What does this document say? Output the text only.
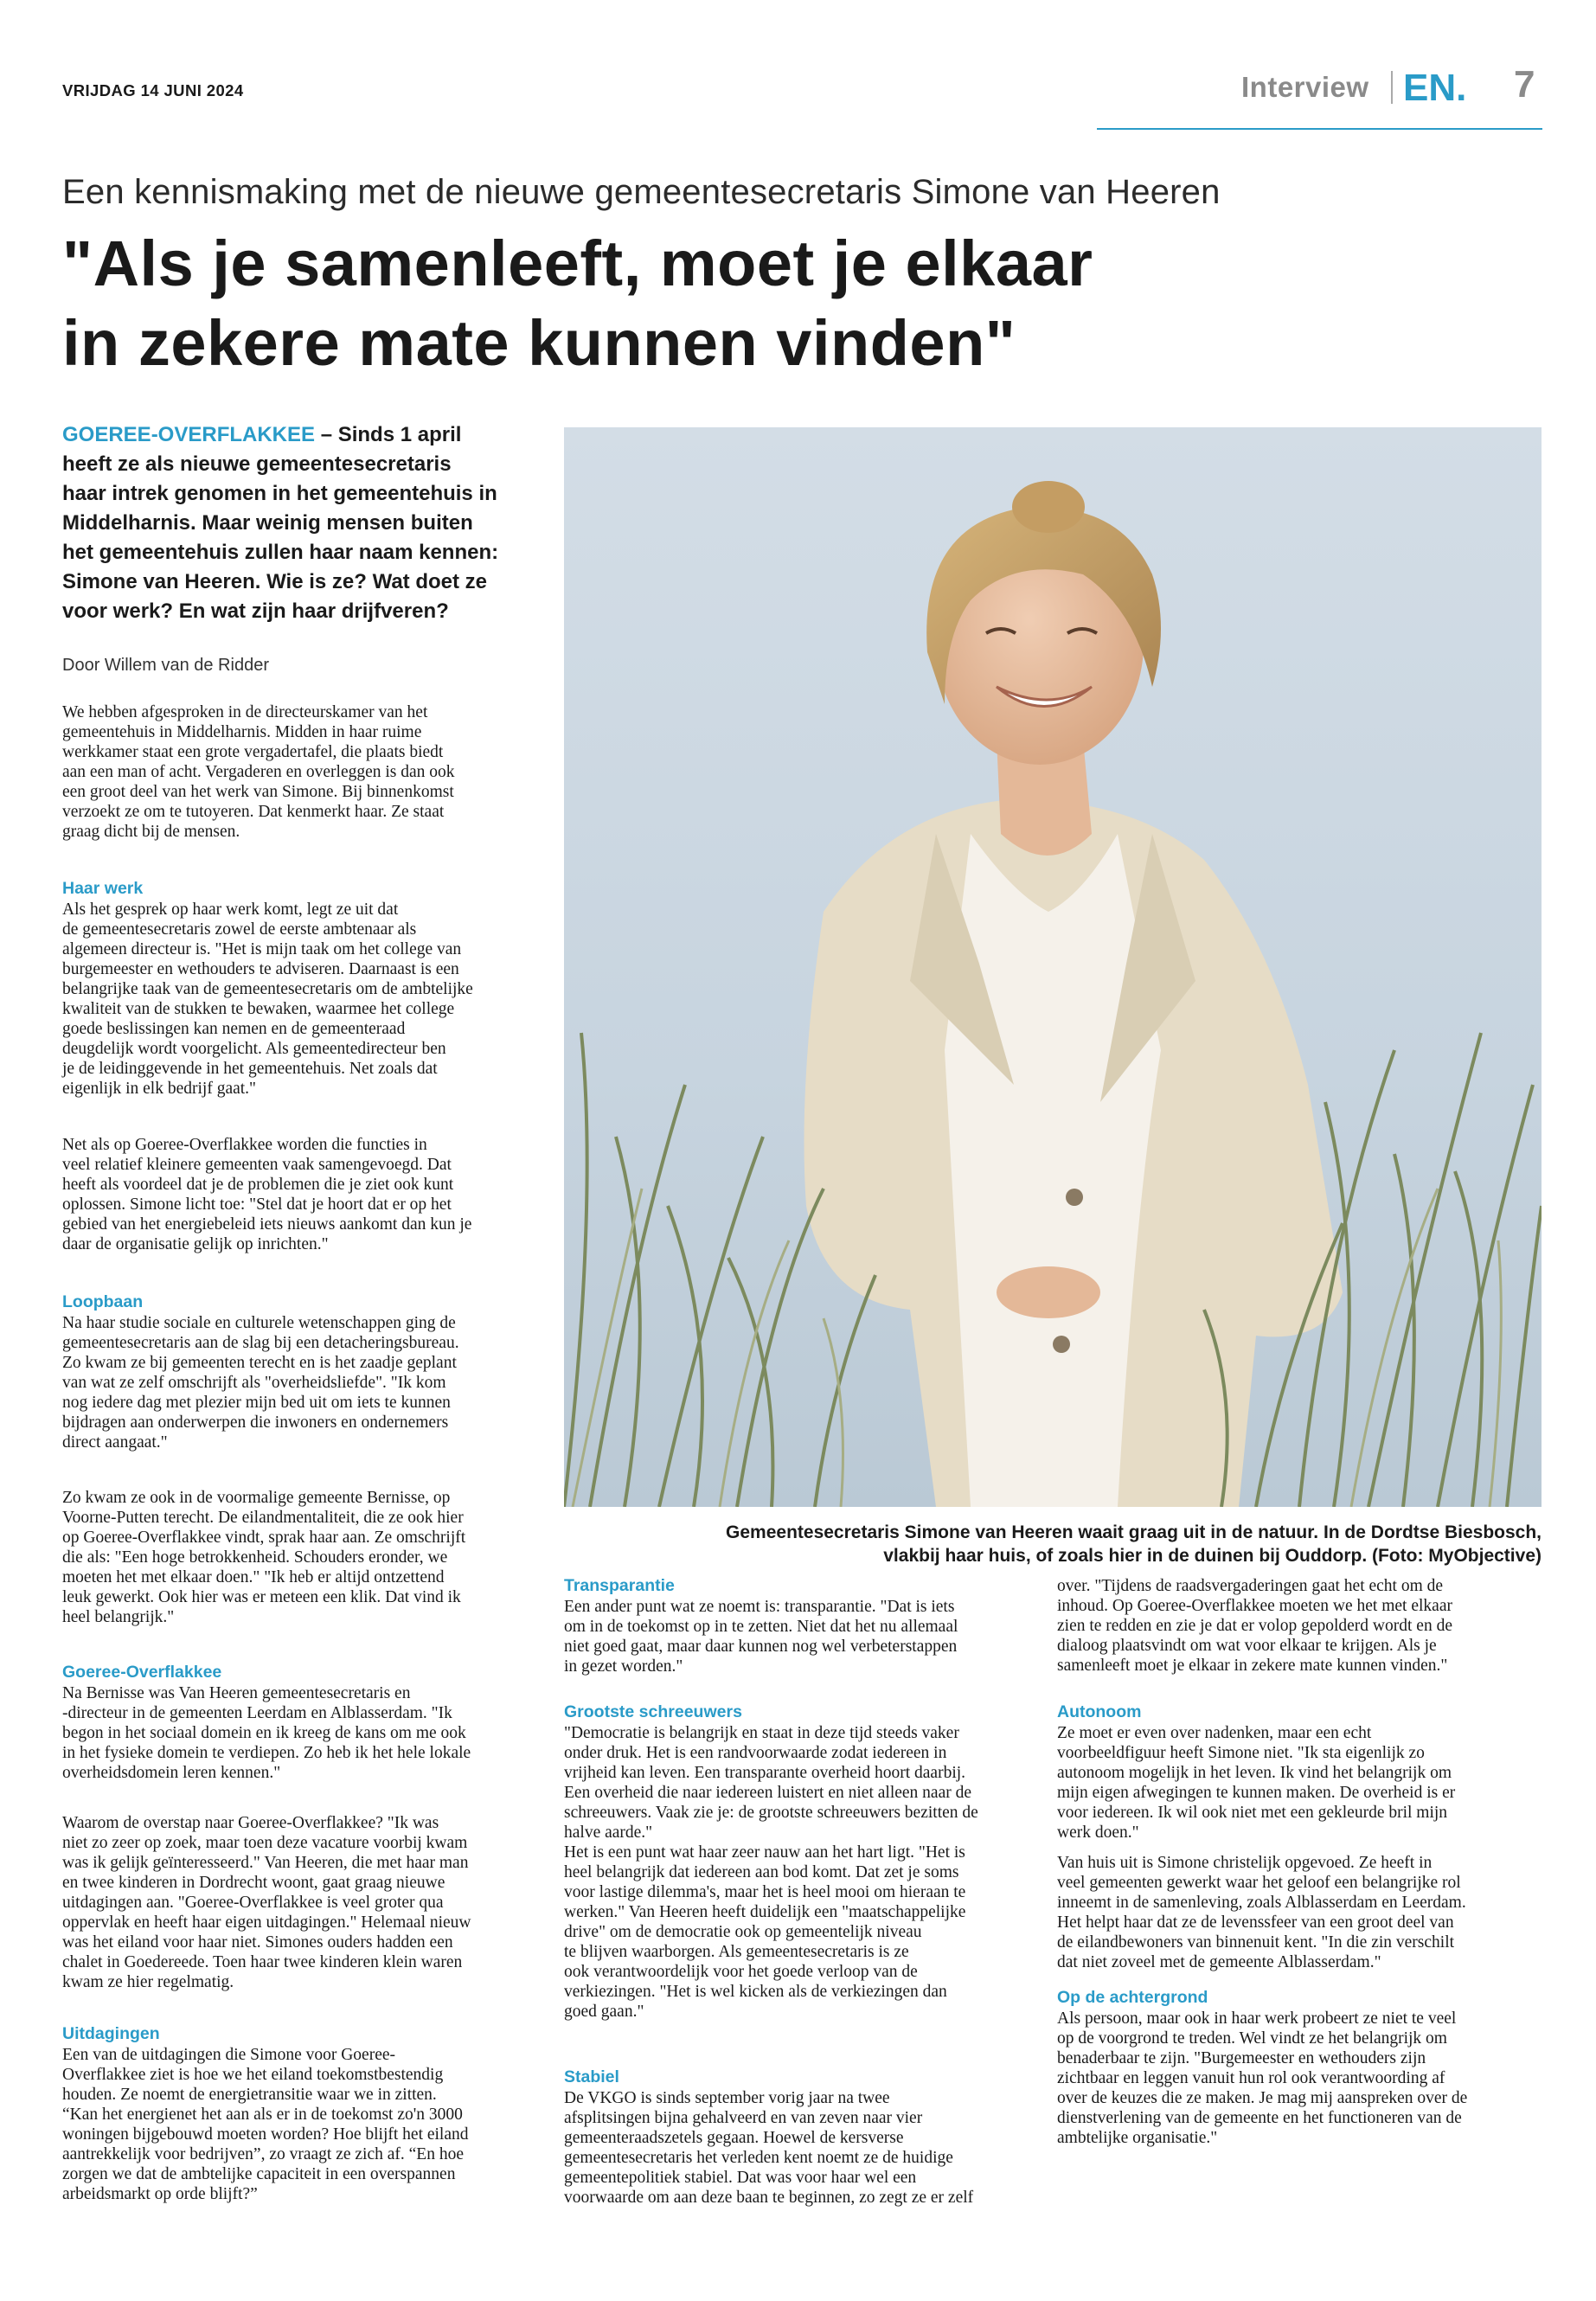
VRIJDAG 14 JUNI 2024	Interview EN. 7
Een kennismaking met de nieuwe gemeentesecretaris Simone van Heeren
"Als je samenleeft, moet je elkaar
in zekere mate kunnen vinden"
GOEREE-OVERFLAKKEE – Sinds 1 april
heeft ze als nieuwe gemeentesecretaris
haar intrek genomen in het gemeentehuis in
Middelharnis. Maar weinig mensen buiten
het gemeentehuis zullen haar naam kennen:
Simone van Heeren. Wie is ze? Wat doet ze
voor werk? En wat zijn haar drijfveren?
Door Willem van de Ridder
We hebben afgesproken in de directeurskamer van het
gemeentehuis in Middelharnis. Midden in haar ruime
werkkamer staat een grote vergadertafel, die plaats biedt
aan een man of acht. Vergaderen en overleggen is dan ook
een groot deel van het werk van Simone. Bij binnenkomst
verzoekt ze om te tutoyeren. Dat kenmerkt haar. Ze staat
graag dicht bij de mensen.
Haar werk
Als het gesprek op haar werk komt, legt ze uit dat
de gemeentesecretaris zowel de eerste ambtenaar als
algemeen directeur is. "Het is mijn taak om het college van
burgemeester en wethouders te adviseren. Daarnaast is een
belangrijke taak van de gemeentesecretaris om de ambtelijke
kwaliteit van de stukken te bewaken, waarmee het college
goede beslissingen kan nemen en de gemeenteraad
deugdelijk wordt voorgelicht. Als gemeentedirecteur ben
je de leidinggevende in het gemeentehuis. Net zoals dat
eigenlijk in elk bedrijf gaat."
Net als op Goeree-Overflakkee worden die functies in
veel relatief kleinere gemeenten vaak samengevoegd. Dat
heeft als voordeel dat je de problemen die je ziet ook kunt
oplossen. Simone licht toe: "Stel dat je hoort dat er op het
gebied van het energiebeleid iets nieuws aankomt dan kun je
daar de organisatie gelijk op inrichten."
Loopbaan
Na haar studie sociale en culturele wetenschappen ging de
gemeentesecretaris aan de slag bij een detacheringsbureau.
Zo kwam ze bij gemeenten terecht en is het zaadje geplant
van wat ze zelf omschrijft als "overheidsliefde". "Ik kom
nog iedere dag met plezier mijn bed uit om iets te kunnen
bijdragen aan onderwerpen die inwoners en ondernemers
direct aangaat."
Zo kwam ze ook in de voormalige gemeente Bernisse, op
Voorne-Putten terecht. De eilandmentaliteit, die ze ook hier
op Goeree-Overflakkee vindt, sprak haar aan. Ze omschrijft
die als: "Een hoge betrokkenheid. Schouders eronder, we
moeten het met elkaar doen." "Ik heb er altijd ontzettend
leuk gewerkt. Ook hier was er meteen een klik. Dat vind ik
heel belangrijk."
Goeree-Overflakkee
Na Bernisse was Van Heeren gemeentesecretaris en
-directeur in de gemeenten Leerdam en Alblasserdam. "Ik
begon in het sociaal domein en ik kreeg de kans om me ook
in het fysieke domein te verdiepen. Zo heb ik het hele lokale
overheidsdomein leren kennen."
Waarom de overstap naar Goeree-Overflakkee? "Ik was
niet zo zeer op zoek, maar toen deze vacature voorbij kwam
was ik gelijk geïnteresseerd." Van Heeren, die met haar man
en twee kinderen in Dordrecht woont, gaat graag nieuwe
uitdagingen aan. "Goeree-Overflakkee is veel groter qua
oppervlak en heeft haar eigen uitdagingen." Helemaal nieuw
was het eiland voor haar niet. Simones ouders hadden een
chalet in Goedereede. Toen haar twee kinderen klein waren
kwam ze hier regelmatig.
Uitdagingen
Een van de uitdagingen die Simone voor Goeree-
Overflakkee ziet is hoe we het eiland toekomstbestendig
houden. Ze noemt de energietransitie waar we in zitten.
“Kan het energienet het aan als er in de toekomst zo'n 3000
woningen bijgebouwd moeten worden? Hoe blijft het eiland
aantrekkelijk voor bedrijven”, zo vraagt ze zich af. “En hoe
zorgen we dat de ambtelijke capaciteit in een overspannen
arbeidsmarkt op orde blijft?”
Gemeentesecretaris Simone van Heeren waait graag uit in de natuur. In de Dordtse Biesbosch,
vlakbij haar huis, of zoals hier in de duinen bij Ouddorp. (Foto: MyObjective)
Transparantie
Een ander punt wat ze noemt is: transparantie. "Dat is iets
om in de toekomst op in te zetten. Niet dat het nu allemaal
niet goed gaat, maar daar kunnen nog wel verbeterstappen
in gezet worden."
Grootste schreeuwers
"Democratie is belangrijk en staat in deze tijd steeds vaker
onder druk. Het is een randvoorwaarde zodat iedereen in
vrijheid kan leven. Een transparante overheid hoort daarbij.
Een overheid die naar iedereen luistert en niet alleen naar de
schreeuwers. Vaak zie je: de grootste schreeuwers bezitten de
halve aarde."
Het is een punt wat haar zeer nauw aan het hart ligt. "Het is
heel belangrijk dat iedereen aan bod komt. Dat zet je soms
voor lastige dilemma's, maar het is heel mooi om hieraan te
werken." Van Heeren heeft duidelijk een "maatschappelijke
drive" om de democratie ook op gemeentelijk niveau
te blijven waarborgen. Als gemeentesecretaris is ze
ook verantwoordelijk voor het goede verloop van de
verkiezingen. "Het is wel kicken als de verkiezingen dan
goed gaan."
Stabiel
De VKGO is sinds september vorig jaar na twee
afsplitsingen bijna gehalveerd en van zeven naar vier
gemeenteraadszetels gegaan. Hoewel de kersverse
gemeentesecretaris het verleden kent noemt ze de huidige
gemeentepolitiek stabiel. Dat was voor haar wel een
voorwaarde om aan deze baan te beginnen, zo zegt ze er zelf
over. "Tijdens de raadsvergaderingen gaat het echt om de
inhoud. Op Goeree-Overflakkee moeten we het met elkaar
zien te redden en zie je dat er volop gepolderd wordt en de
dialoog plaatsvindt om wat voor elkaar te krijgen. Als je
samenleeft moet je elkaar in zekere mate kunnen vinden."
Autonoom
Ze moet er even over nadenken, maar een echt
voorbeeldfiguur heeft Simone niet. "Ik sta eigenlijk zo
autonoom mogelijk in het leven. Ik vind het belangrijk om
mijn eigen afwegingen te kunnen maken. De overheid is er
voor iedereen. Ik wil ook niet met een gekleurde bril mijn
werk doen."
Van huis uit is Simone christelijk opgevoed. Ze heeft in
veel gemeenten gewerkt waar het geloof een belangrijke rol
inneemt in de samenleving, zoals Alblasserdam en Leerdam.
Het helpt haar dat ze de levenssfeer van een groot deel van
de eilandbewoners van binnenuit kent. "In die zin verschilt
dat niet zoveel met de gemeente Alblasserdam."
Op de achtergrond
Als persoon, maar ook in haar werk probeert ze niet te veel
op de voorgrond te treden. Wel vindt ze het belangrijk om
benaderbaar te zijn. "Burgemeester en wethouders zijn
zichtbaar en leggen vanuit hun rol ook verantwoording af
over de keuzes die ze maken. Je mag mij aanspreken over de
dienstverlening van de gemeente en het functioneren van de
ambtelijke organisatie."
